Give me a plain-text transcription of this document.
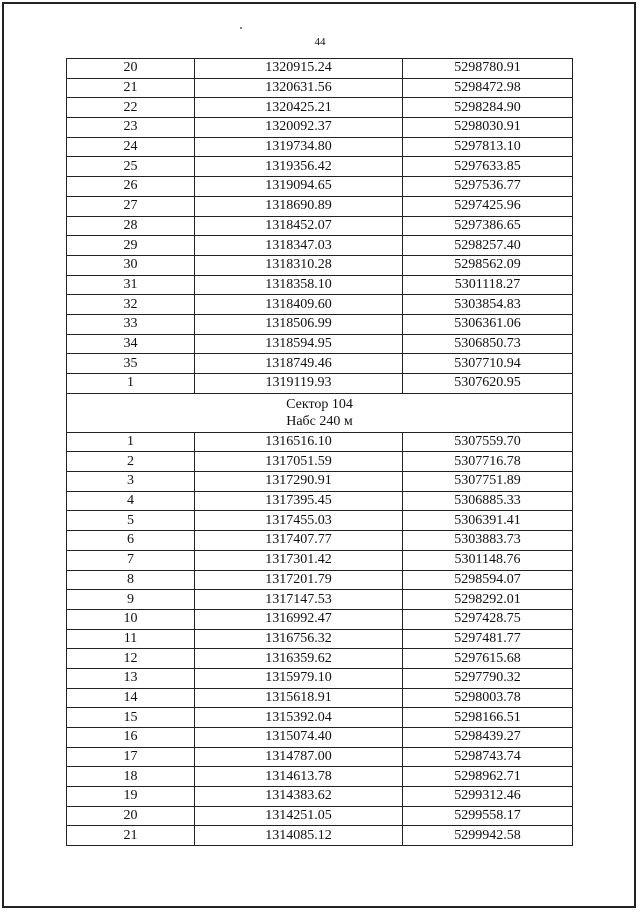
44
20	1320915.24	5298780.91
21	1320631.56	5298472.98
22	1320425.21	5298284.90
23	1320092.37	5298030.91
24	1319734.80	5297813.10
25	1319356.42	5297633.85
26	1319094.65	5297536.77
27	1318690.89	5297425.96
28	1318452.07	5297386.65
29	1318347.03	5298257.40
30	1318310.28	5298562.09
31	1318358.10	5301118.27
32	1318409.60	5303854.83
33	1318506.99	5306361.06
34	1318594.95	5306850.73
35	1318749.46	5307710.94
1	1319119.93	5307620.95

Сектор 104
Набс 240 м		

1	1316516.10	5307559.70
2	1317051.59	5307716.78
3	1317290.91	5307751.89
4	1317395.45	5306885.33
5	1317455.03	5306391.41
6	1317407.77	5303883.73
7	1317301.42	5301148.76
8	1317201.79	5298594.07
9	1317147.53	5298292.01
10	1316992.47	5297428.75
11	1316756.32	5297481.77
12	1316359.62	5297615.68
13	1315979.10	5297790.32
14	1315618.91	5298003.78
15	1315392.04	5298166.51
16	1315074.40	5298439.27
17	1314787.00	5298743.74
18	1314613.78	5298962.71
19	1314383.62	5299312.46
20	1314251.05	5299558.17
21	1314085.12	5299942.58
